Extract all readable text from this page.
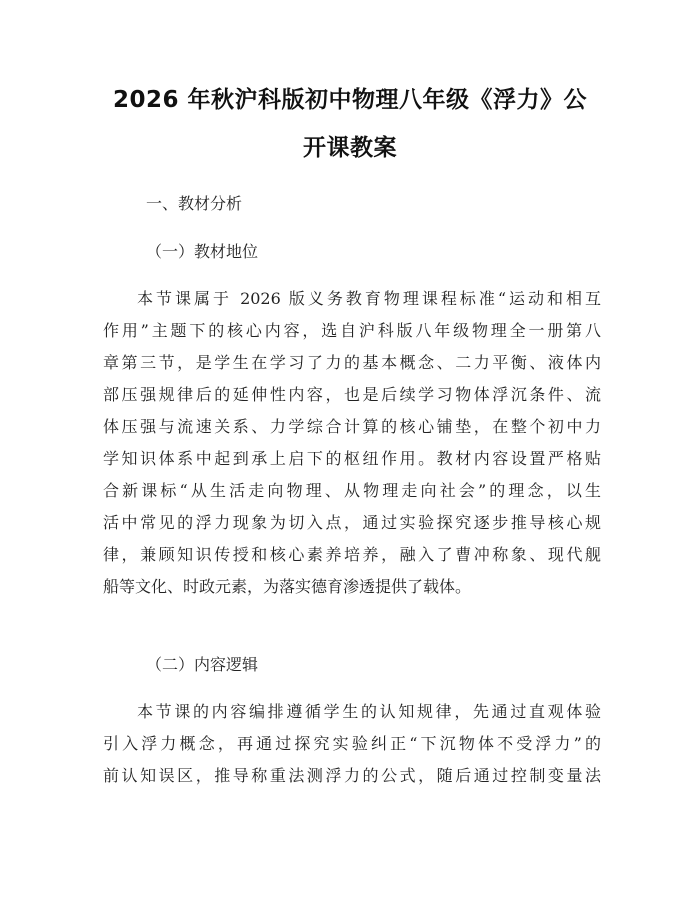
2026 年秋沪科版初中物理八年级《浮力》公
开课教案
一、教材分析
（一）教材地位
本节课属于 2026 版义务教育物理课程标准“运动和相互
作用”主题下的核心内容，选自沪科版八年级物理全一册第八
章第三节，是学生在学习了力的基本概念、二力平衡、液体内
部压强规律后的延伸性内容，也是后续学习物体浮沉条件、流
体压强与流速关系、力学综合计算的核心铺垫，在整个初中力
学知识体系中起到承上启下的枢纽作用。教材内容设置严格贴
合新课标“从生活走向物理、从物理走向社会”的理念，以生
活中常见的浮力现象为切入点，通过实验探究逐步推导核心规
律，兼顾知识传授和核心素养培养，融入了曹冲称象、现代舰
船等文化、时政元素，为落实德育渗透提供了载体。
（二）内容逻辑
本节课的内容编排遵循学生的认知规律，先通过直观体验
引入浮力概念，再通过探究实验纠正“下沉物体不受浮力”的
前认知误区，推导称重法测浮力的公式，随后通过控制变量法
